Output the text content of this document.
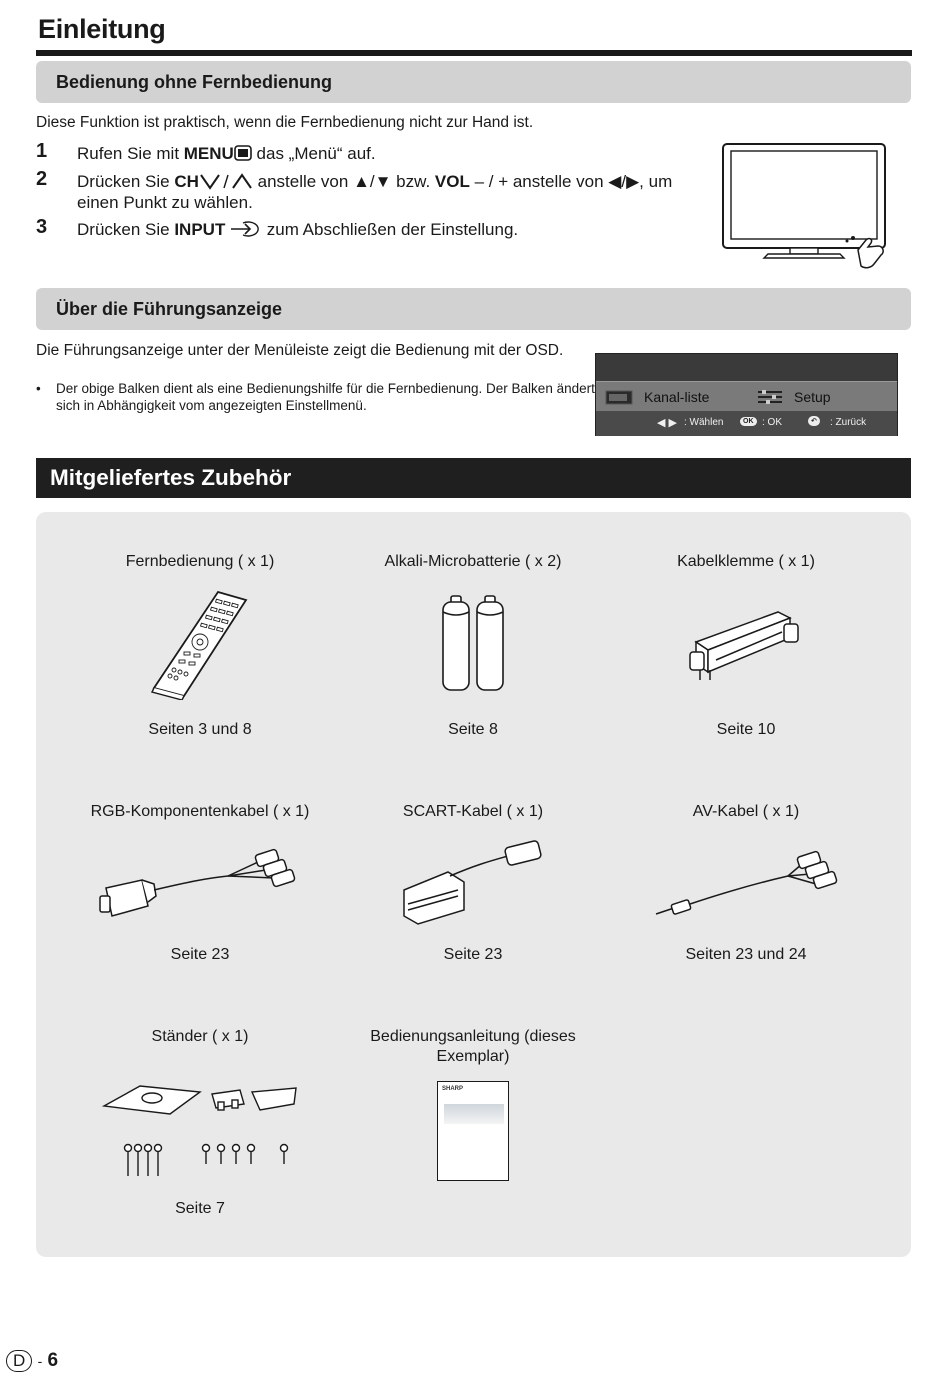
Einleitung
Bedienung ohne Fernbedienung
Diese Funktion ist praktisch, wenn die Fernbedienung nicht zur Hand ist.
1 Rufen Sie mit MENU das „Menü“ auf.
2 Drücken Sie CH	anstelle von ▲/▼ bzw. VOL – / + anstelle von ◀/▶, um einen Punkt zu wählen.
3 Drücken Sie INPUT  zum Abschließen der Einstellung.
Über die Führungsanzeige
Die Führungsanzeige unter der Menüleiste zeigt die Bedienung mit der OSD.
• Der obige Balken dient als eine Bedienungshilfe für die Fernbedienung. Der Balken ändert sich in Abhängigkeit vom angezeigten Einstellmenü.
Kanal-liste	Setup
◀ ▶ : Wählen	OK : OK	↶	: Zurück
Mitgeliefertes Zubehör
Fernbedienung ( x 1)	Alkali-Microbatterie ( x 2)	Kabelklemme ( x 1)
Seiten 3 und 8	Seite 8	Seite 10
RGB-Komponentenkabel ( x 1)	SCART-Kabel ( x 1)	AV-Kabel ( x 1)
Seite 23	Seite 23	Seiten 23 und 24
Ständer ( x 1)	Bedienungsanleitung (dieses Exemplar)
Seite 7
SHARP
D - 6
